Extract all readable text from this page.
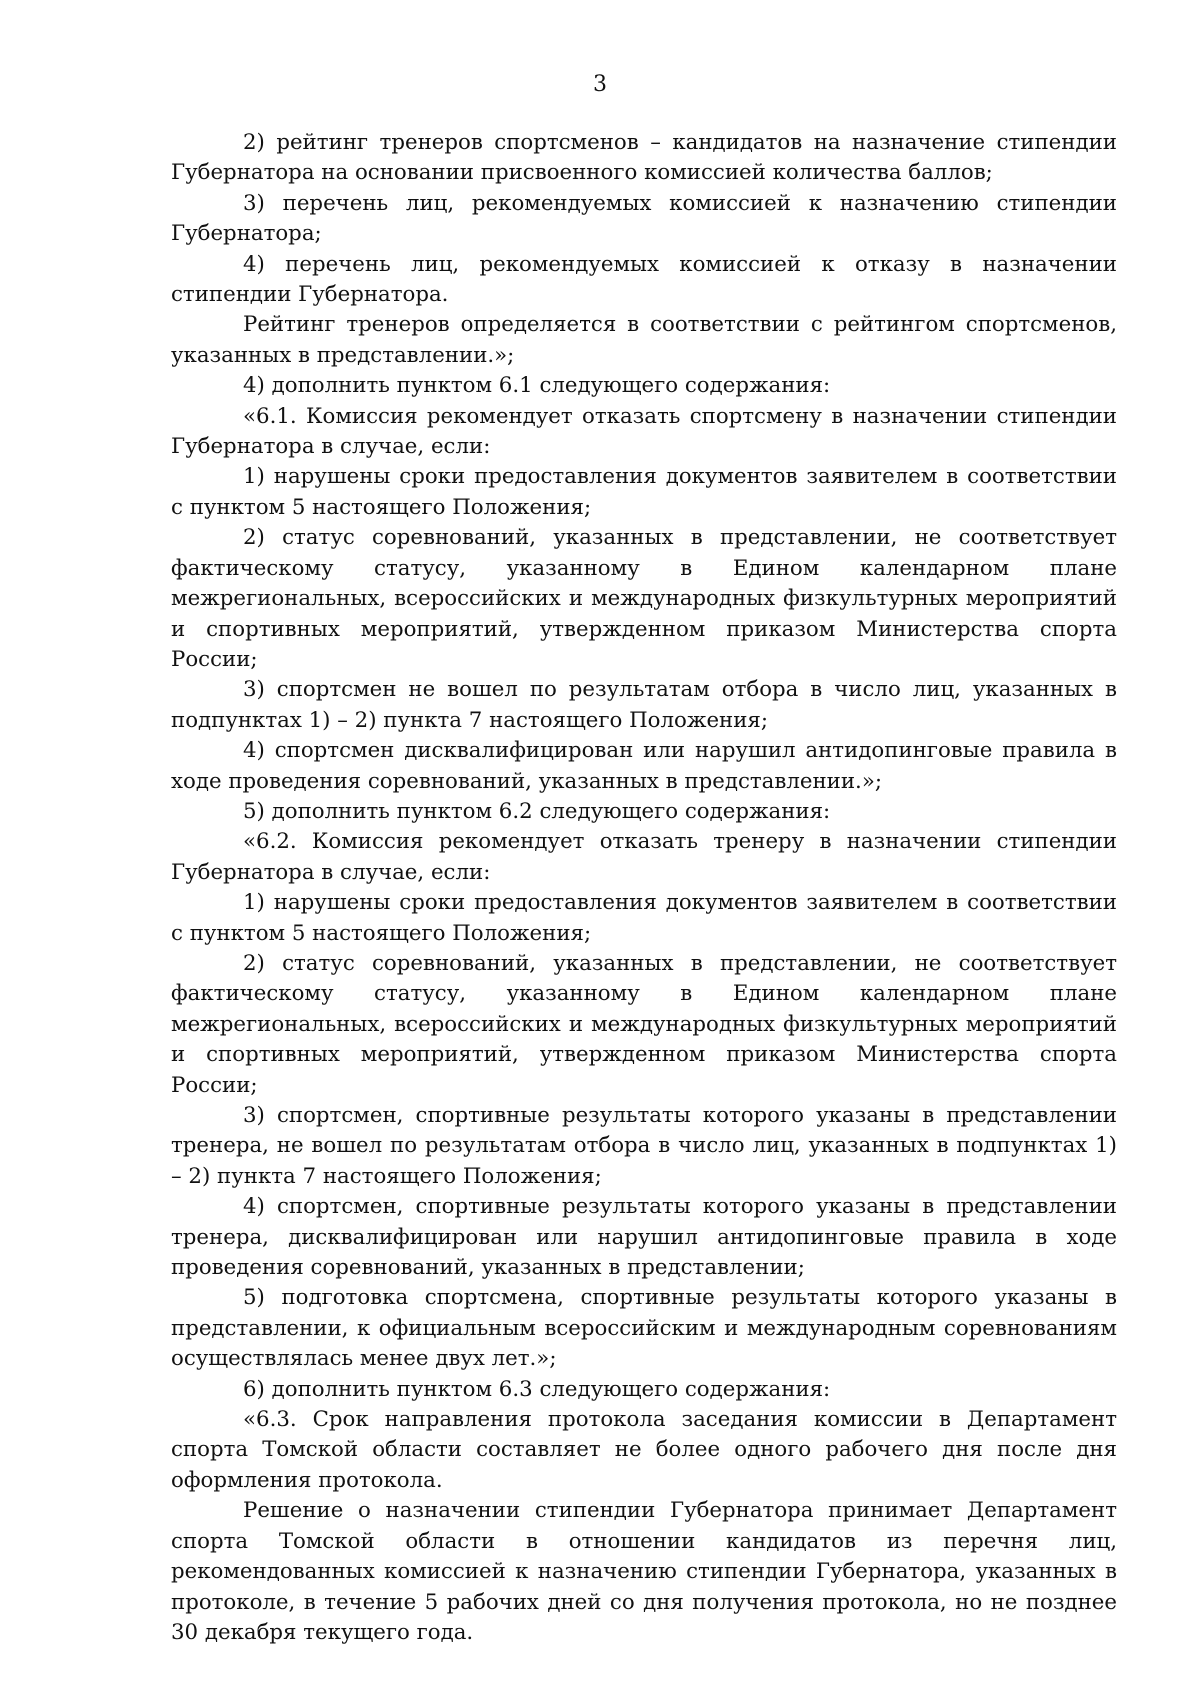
3

2) рейтинг тренеров спортсменов – кандидатов на назначение стипендии Губернатора на основании присвоенного комиссией количества баллов;

3) перечень лиц, рекомендуемых комиссией к назначению стипендии Губернатора;

4) перечень лиц, рекомендуемых комиссией к отказу в назначении стипендии Губернатора.

Рейтинг тренеров определяется в соответствии с рейтингом спортсменов, указанных в представлении.»;

4) дополнить пунктом 6.1 следующего содержания:

«6.1. Комиссия рекомендует отказать спортсмену в назначении стипендии Губернатора в случае, если:

1) нарушены сроки предоставления документов заявителем в соответствии с пунктом 5 настоящего Положения;

2) статус соревнований, указанных в представлении, не соответствует фактическому статусу, указанному в Едином календарном плане межрегиональных, всероссийских и международных физкультурных мероприятий и спортивных мероприятий, утвержденном приказом Министерства спорта России;

3) спортсмен не вошел по результатам отбора в число лиц, указанных в подпунктах 1) – 2) пункта 7 настоящего Положения;

4) спортсмен дисквалифицирован или нарушил антидопинговые правила в ходе проведения соревнований, указанных в представлении.»;

5) дополнить пунктом 6.2 следующего содержания:

«6.2. Комиссия рекомендует отказать тренеру в назначении стипендии Губернатора в случае, если:

1) нарушены сроки предоставления документов заявителем в соответствии с пунктом 5 настоящего Положения;

2) статус соревнований, указанных в представлении, не соответствует фактическому статусу, указанному в Едином календарном плане межрегиональных, всероссийских и международных физкультурных мероприятий и спортивных мероприятий, утвержденном приказом Министерства спорта России;

3) спортсмен, спортивные результаты которого указаны в представлении тренера, не вошел по результатам отбора в число лиц, указанных в подпунктах 1) – 2) пункта 7 настоящего Положения;

4) спортсмен, спортивные результаты которого указаны в представлении тренера, дисквалифицирован или нарушил антидопинговые правила в ходе проведения соревнований, указанных в представлении;

5) подготовка спортсмена, спортивные результаты которого указаны в представлении, к официальным всероссийским и международным соревнованиям осуществлялась менее двух лет.»;

6) дополнить пунктом 6.3 следующего содержания:

«6.3. Срок направления протокола заседания комиссии в Департамент спорта Томской области составляет не более одного рабочего дня после дня оформления протокола.

Решение о назначении стипендии Губернатора принимает Департамент спорта Томской области в отношении кандидатов из перечня лиц, рекомендованных комиссией к назначению стипендии Губернатора, указанных в протоколе, в течение 5 рабочих дней со дня получения протокола, но не позднее 30 декабря текущего года.
